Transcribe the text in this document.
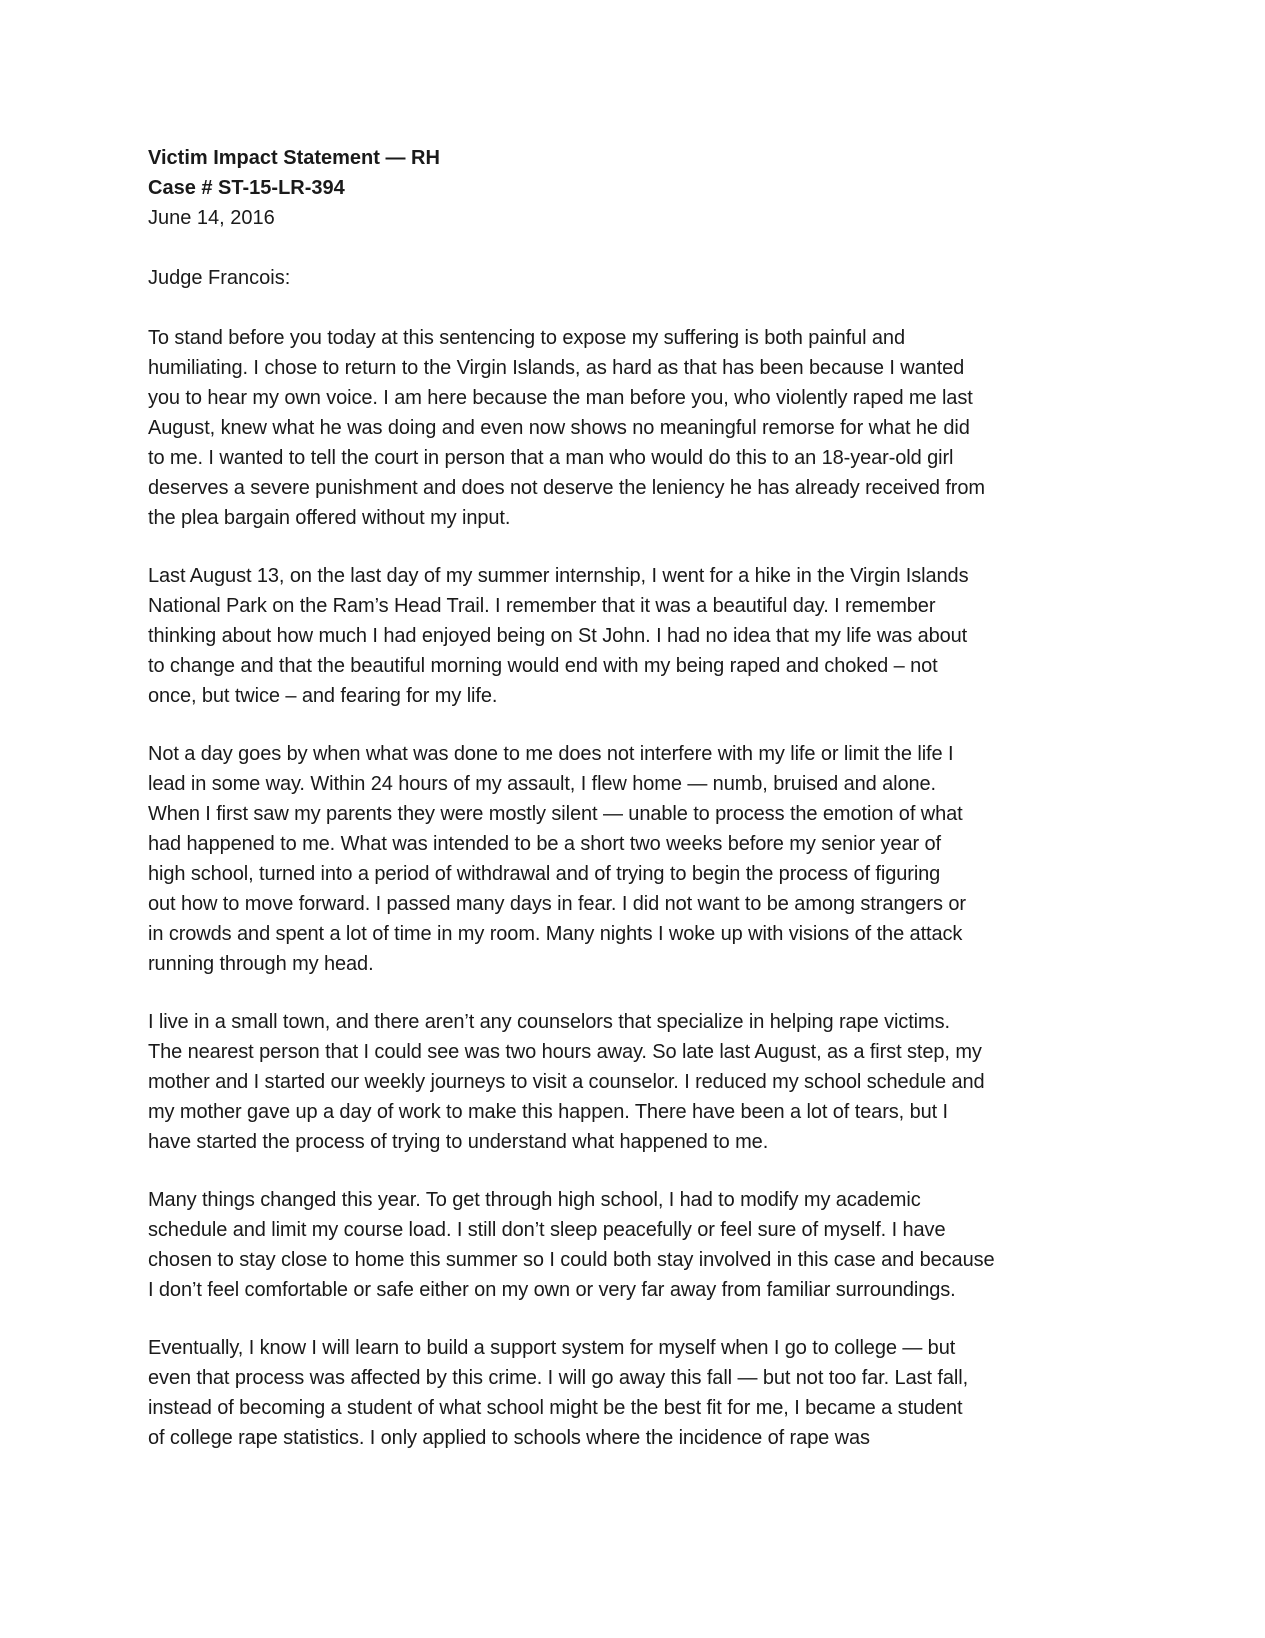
Victim Impact Statement — RH
Case # ST-15-LR-394
June 14, 2016
Judge Francois:
To stand before you today at this sentencing to expose my suffering is both painful and
humiliating. I chose to return to the Virgin Islands, as hard as that has been because I wanted
you to hear my own voice. I am here because the man before you, who violently raped me last
August, knew what he was doing and even now shows no meaningful remorse for what he did
to me. I wanted to tell the court in person that a man who would do this to an 18-year-old girl
deserves a severe punishment and does not deserve the leniency he has already received from
the plea bargain offered without my input.
Last August 13, on the last day of my summer internship, I went for a hike in the Virgin Islands
National Park on the Ram’s Head Trail. I remember that it was a beautiful day. I remember
thinking about how much I had enjoyed being on St John. I had no idea that my life was about
to change and that the beautiful morning would end with my being raped and choked – not
once, but twice – and fearing for my life.
Not a day goes by when what was done to me does not interfere with my life or limit the life I
lead in some way. Within 24 hours of my assault, I flew home — numb, bruised and alone.
When I first saw my parents they were mostly silent — unable to process the emotion of what
had happened to me. What was intended to be a short two weeks before my senior year of
high school, turned into a period of withdrawal and of trying to begin the process of figuring
out how to move forward. I passed many days in fear. I did not want to be among strangers or
in crowds and spent a lot of time in my room. Many nights I woke up with visions of the attack
running through my head.
I live in a small town, and there aren’t any counselors that specialize in helping rape victims.
The nearest person that I could see was two hours away. So late last August, as a first step, my
mother and I started our weekly journeys to visit a counselor. I reduced my school schedule and
my mother gave up a day of work to make this happen. There have been a lot of tears, but I
have started the process of trying to understand what happened to me.
Many things changed this year. To get through high school, I had to modify my academic
schedule and limit my course load. I still don’t sleep peacefully or feel sure of myself. I have
chosen to stay close to home this summer so I could both stay involved in this case and because
I don’t feel comfortable or safe either on my own or very far away from familiar surroundings.
Eventually, I know I will learn to build a support system for myself when I go to college — but
even that process was affected by this crime. I will go away this fall — but not too far. Last fall,
instead of becoming a student of what school might be the best fit for me, I became a student
of college rape statistics. I only applied to schools where the incidence of rape was
